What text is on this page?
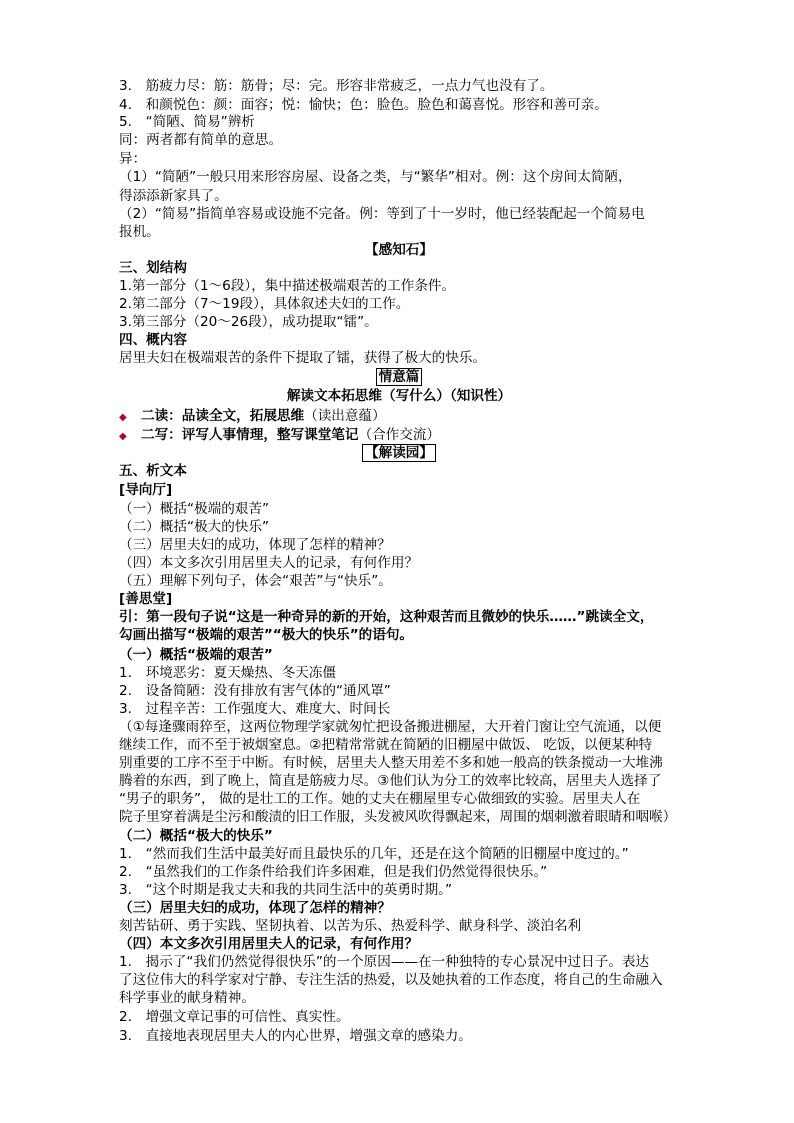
3. 筋疲力尽：筋：筋骨；尽：完。形容非常疲乏，一点力气也没有了。
4. 和颜悦色：颜：面容；悦：愉快；色：脸色。脸色和蔼喜悦。形容和善可亲。
5. “简陋、简易”辨析
同：两者都有简单的意思。
异：
（1）“简陋”一般只用来形容房屋、设备之类，与“繁华”相对。例：这个房间太简陋，
得添添新家具了。
（2）“简易”指简单容易或设施不完备。例：等到了十一岁时，他已经装配起一个简易电
报机。
【感知石】
三、划结构
1.第一部分（1～6段），集中描述极端艰苦的工作条件。
2.第二部分（7～19段），具体叙述夫妇的工作。
3.第三部分（20～26段），成功提取“镭”。
四、概内容
居里夫妇在极端艰苦的条件下提取了镭，获得了极大的快乐。
情意篇
解读文本拓思维（写什么）（知识性）
◆ 二读：品读全文，拓展思维（读出意蕴）
◆ 二写：评写人事情理，整写课堂笔记（合作交流）
【解读园】
五、析文本
[导向厅]
（一）概括“极端的艰苦”
（二）概括“极大的快乐”
（三）居里夫妇的成功，体现了怎样的精神？
（四）本文多次引用居里夫人的记录，有何作用？
（五）理解下列句子，体会“艰苦”与“快乐”。
[善思堂]
引：第一段句子说“这是一种奇异的新的开始，这种艰苦而且微妙的快乐……”跳读全文，
勾画出描写“极端的艰苦”“极大的快乐”的语句。
（一）概括“极端的艰苦”
1. 环境恶劣：夏天燥热、冬天冻僵
2. 设备简陋：没有排放有害气体的“通风罩”
3. 过程辛苦：工作强度大、难度大、时间长
（①每逢骤雨猝至，这两位物理学家就匆忙把设备搬进棚屋，大开着门窗让空气流通，以便
继续工作，而不至于被烟窒息。②把精常常就在简陋的旧棚屋中做饭、 吃饭，以便某种特
别重要的工序不至于中断。有时候，居里夫人整天用差不多和她一般高的铁条搅动一大堆沸
腾着的东西，到了晚上，简直是筋疲力尽。③他们认为分工的效率比较高，居里夫人选择了
“男子的职务”， 做的是壮工的工作。她的丈夫在棚屋里专心做细致的实验。居里夫人在
院子里穿着满是尘污和酸渍的旧工作服，头发被风吹得飘起来，周围的烟刺激着眼睛和咽喉）
（二）概括“极大的快乐”
1. “然而我们生活中最美好而且最快乐的几年，还是在这个简陋的旧棚屋中度过的。”
2. “虽然我们的工作条件给我们许多困难，但是我们仍然觉得很快乐。”
3. “这个时期是我丈夫和我的共同生活中的英勇时期。”
（三）居里夫妇的成功，体现了怎样的精神？
刻苦钻研、勇于实践、坚韧执着、以苦为乐、热爱科学、献身科学、淡泊名利
（四）本文多次引用居里夫人的记录，有何作用？
1. 揭示了“我们仍然觉得很快乐”的一个原因——在一种独特的专心景况中过日子。表达
了这位伟大的科学家对宁静、专注生活的热爱，以及她执着的工作态度，将自己的生命融入
科学事业的献身精神。
2. 增强文章记事的可信性、真实性。
3. 直接地表现居里夫人的内心世界，增强文章的感染力。
